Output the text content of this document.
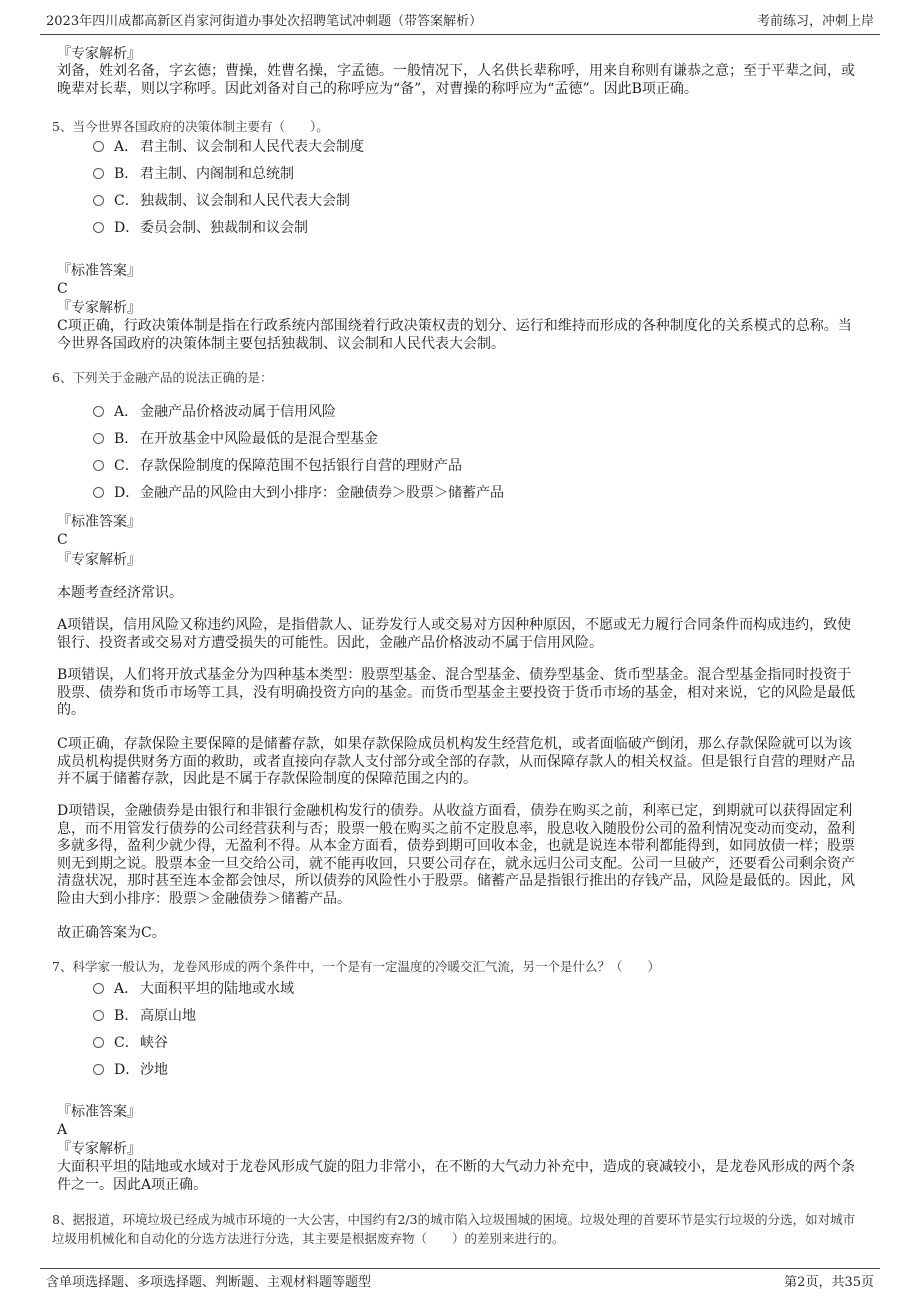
2023年四川成都高新区肖家河街道办事处次招聘笔试冲刺题（带答案解析）	考前练习，冲刺上岸
『专家解析』
刘备，姓刘名备，字玄德；曹操，姓曹名操，字孟德。一般情况下，人名供长辈称呼，用来自称则有谦恭之意；至于平辈之间，或晚辈对长辈，则以字称呼。因此刘备对自己的称呼应为“备”，对曹操的称呼应为“孟德”。因此B项正确。
5、当今世界各国政府的决策体制主要有（　　）。
A． 君主制、议会制和人民代表大会制度
B． 君主制、内阁制和总统制
C．独裁制、议会制和人民代表大会制
D．委员会制、独裁制和议会制
『标准答案』
C
『专家解析』
C项正确，行政决策体制是指在行政系统内部围绕着行政决策权责的划分、运行和维持而形成的各种制度化的关系模式的总称。当今世界各国政府的决策体制主要包括独裁制、议会制和人民代表大会制。
6、下列关于金融产品的说法正确的是：
A． 金融产品价格波动属于信用风险
B． 在开放基金中风险最低的是混合型基金
C．存款保险制度的保障范围不包括银行自营的理财产品
D．金融产品的风险由大到小排序：金融债券＞股票＞储蓄产品
『标准答案』
C
『专家解析』
本题考查经济常识。
A项错误，信用风险又称违约风险，是指借款人、证券发行人或交易对方因种种原因，不愿或无力履行合同条件而构成违约，致使银行、投资者或交易对方遭受损失的可能性。因此，金融产品价格波动不属于信用风险。
B项错误，人们将开放式基金分为四种基本类型：股票型基金、混合型基金、债券型基金、货币型基金。混合型基金指同时投资于股票、债券和货币市场等工具，没有明确投资方向的基金。而货币型基金主要投资于货币市场的基金，相对来说，它的风险是最低的。
C项正确，存款保险主要保障的是储蓄存款，如果存款保险成员机构发生经营危机，或者面临破产倒闭，那么存款保险就可以为该成员机构提供财务方面的救助，或者直接向存款人支付部分或全部的存款，从而保障存款人的相关权益。但是银行自营的理财产品并不属于储蓄存款，因此是不属于存款保险制度的保障范围之内的。
D项错误，金融债券是由银行和非银行金融机构发行的债券。从收益方面看，债券在购买之前，利率已定，到期就可以获得固定利息，而不用管发行债券的公司经营获利与否；股票一般在购买之前不定股息率，股息收入随股份公司的盈利情况变动而变动，盈利多就多得，盈利少就少得，无盈利不得。从本金方面看，债券到期可回收本金，也就是说连本带利都能得到，如同放债一样；股票则无到期之说。股票本金一旦交给公司，就不能再收回，只要公司存在，就永远归公司支配。公司一旦破产，还要看公司剩余资产清盘状况，那时甚至连本金都会蚀尽，所以债券的风险性小于股票。储蓄产品是指银行推出的存钱产品，风险是最低的。因此，风险由大到小排序：股票＞金融债券＞储蓄产品。
故正确答案为C。
7、科学家一般认为，龙卷风形成的两个条件中，一个是有一定温度的冷暖交汇气流，另一个是什么？（　　）
A． 大面积平坦的陆地或水域
B． 高原山地
C．峡谷
D．沙地
『标准答案』
A
『专家解析』
大面积平坦的陆地或水域对于龙卷风形成气旋的阻力非常小，在不断的大气动力补充中，造成的衰减较小，是龙卷风形成的两个条件之一。因此A项正确。
8、据报道，环境垃圾已经成为城市环境的一大公害，中国约有2/3的城市陷入垃圾围城的困境。垃圾处理的首要环节是实行垃圾的分选，如对城市垃圾用机械化和自动化的分选方法进行分选，其主要是根据废弃物（　　）的差别来进行的。
含单项选择题、多项选择题、判断题、主观材料题等题型	第2页，共35页
